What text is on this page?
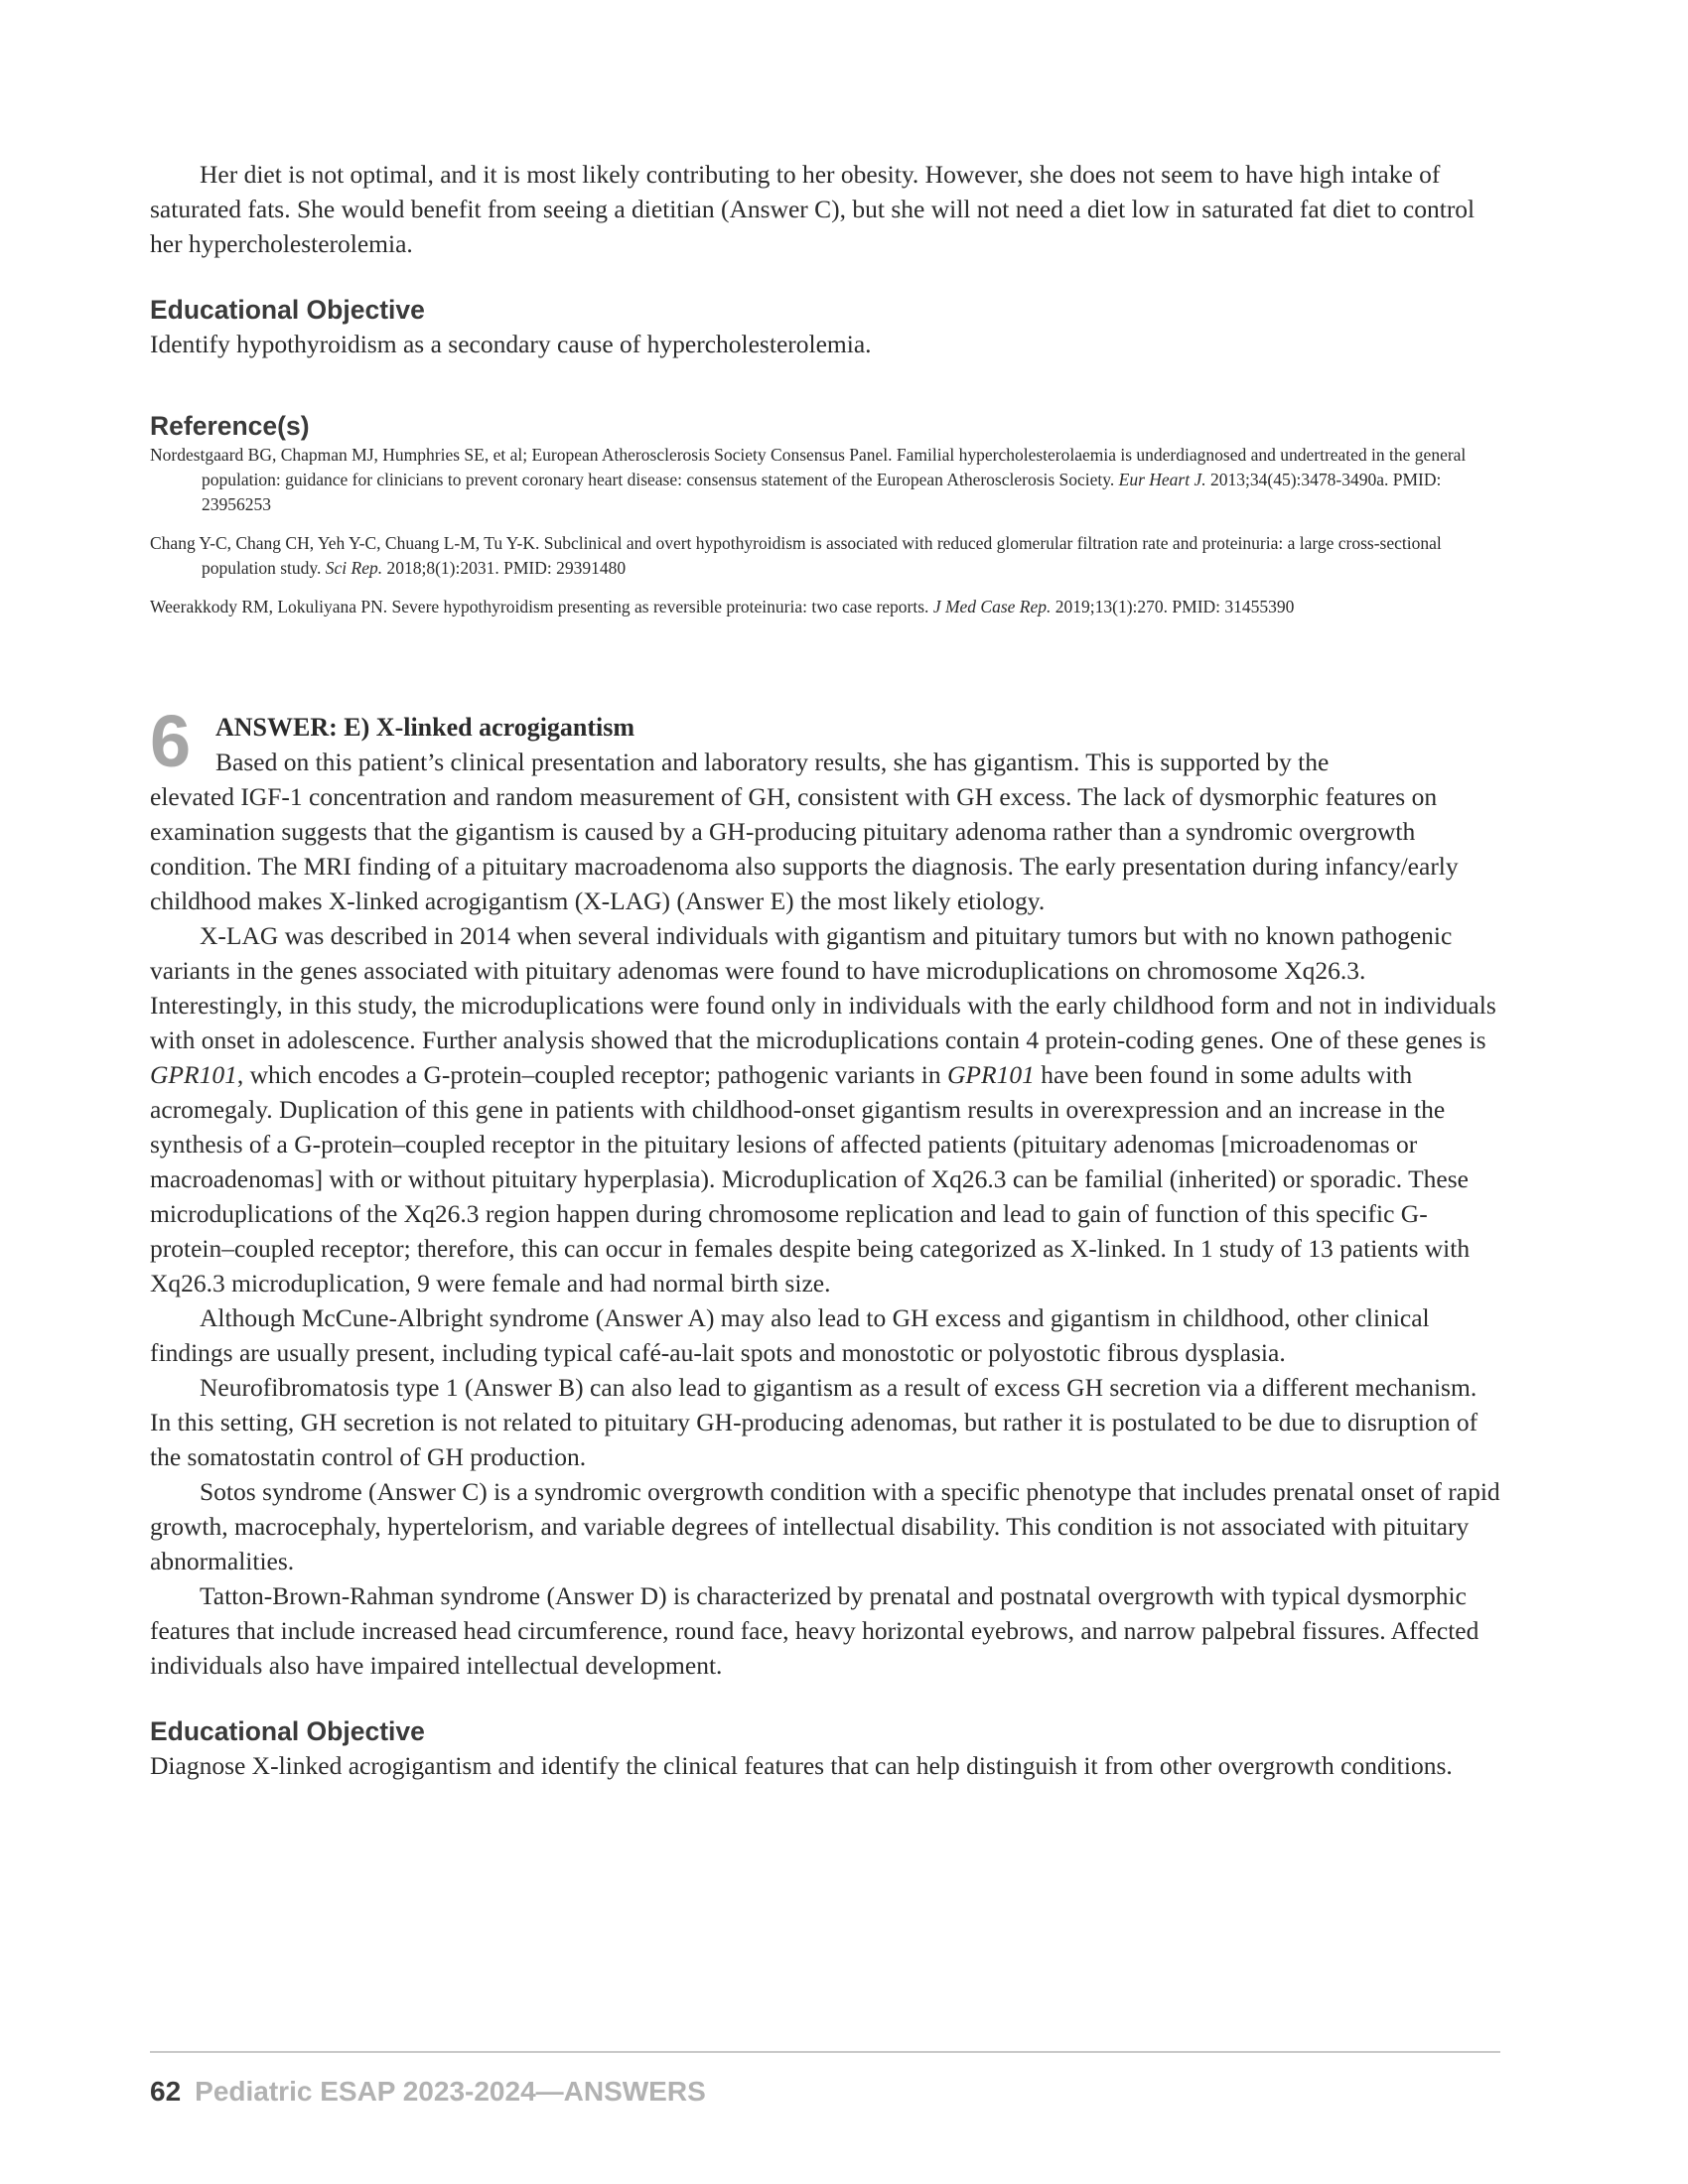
Her diet is not optimal, and it is most likely contributing to her obesity. However, she does not seem to have high intake of saturated fats. She would benefit from seeing a dietitian (Answer C), but she will not need a diet low in saturated fat diet to control her hypercholesterolemia.

Educational Objective

Identify hypothyroidism as a secondary cause of hypercholesterolemia.

Reference(s)

Nordestgaard BG, Chapman MJ, Humphries SE, et al; European Atherosclerosis Society Consensus Panel. Familial hypercholesterolaemia is underdiagnosed and undertreated in the general population: guidance for clinicians to prevent coronary heart disease: consensus statement of the European Atherosclerosis Society. Eur Heart J. 2013;34(45):3478-3490a. PMID: 23956253

Chang Y-C, Chang CH, Yeh Y-C, Chuang L-M, Tu Y-K. Subclinical and overt hypothyroidism is associated with reduced glomerular filtration rate and proteinuria: a large cross-sectional population study. Sci Rep. 2018;8(1):2031. PMID: 29391480

Weerakkody RM, Lokuliyana PN. Severe hypothyroidism presenting as reversible proteinuria: two case reports. J Med Case Rep. 2019;13(1):270. PMID: 31455390

6 ANSWER: E) X-linked acrogigantism

Based on this patient’s clinical presentation and laboratory results, she has gigantism. This is supported by the

elevated IGF-1 concentration and random measurement of GH, consistent with GH excess. The lack of dysmorphic features on examination suggests that the gigantism is caused by a GH-producing pituitary adenoma rather than a syndromic overgrowth condition. The MRI finding of a pituitary macroadenoma also supports the diagnosis. The early presentation during infancy/early childhood makes X-linked acrogigantism (X-LAG) (Answer E) the most likely etiology.

X-LAG was described in 2014 when several individuals with gigantism and pituitary tumors but with no known pathogenic variants in the genes associated with pituitary adenomas were found to have microduplications on chromosome Xq26.3. Interestingly, in this study, the microduplications were found only in individuals with the early childhood form and not in individuals with onset in adolescence. Further analysis showed that the microduplications contain 4 protein-coding genes. One of these genes is GPR101, which encodes a G-protein–coupled receptor; pathogenic variants in GPR101 have been found in some adults with acromegaly. Duplication of this gene in patients with childhood-onset gigantism results in overexpression and an increase in the synthesis of a G-protein–coupled receptor in the pituitary lesions of affected patients (pituitary adenomas [microadenomas or macroadenomas] with or without pituitary hyperplasia). Microduplication of Xq26.3 can be familial (inherited) or sporadic. These microduplications of the Xq26.3 region happen during chromosome replication and lead to gain of function of this specific G-protein–coupled receptor; therefore, this can occur in females despite being categorized as X-linked. In 1 study of 13 patients with Xq26.3 microduplication, 9 were female and had normal birth size.

Although McCune-Albright syndrome (Answer A) may also lead to GH excess and gigantism in childhood, other clinical findings are usually present, including typical café-au-lait spots and monostotic or polyostotic fibrous dysplasia.

Neurofibromatosis type 1 (Answer B) can also lead to gigantism as a result of excess GH secretion via a different mechanism. In this setting, GH secretion is not related to pituitary GH-producing adenomas, but rather it is postulated to be due to disruption of the somatostatin control of GH production.

Sotos syndrome (Answer C) is a syndromic overgrowth condition with a specific phenotype that includes prenatal onset of rapid growth, macrocephaly, hypertelorism, and variable degrees of intellectual disability. This condition is not associated with pituitary abnormalities.

Tatton-Brown-Rahman syndrome (Answer D) is characterized by prenatal and postnatal overgrowth with typical dysmorphic features that include increased head circumference, round face, heavy horizontal eyebrows, and narrow palpebral fissures. Affected individuals also have impaired intellectual development.

Educational Objective

Diagnose X-linked acrogigantism and identify the clinical features that can help distinguish it from other overgrowth conditions.

62 Pediatric ESAP 2023-2024—ANSWERS
